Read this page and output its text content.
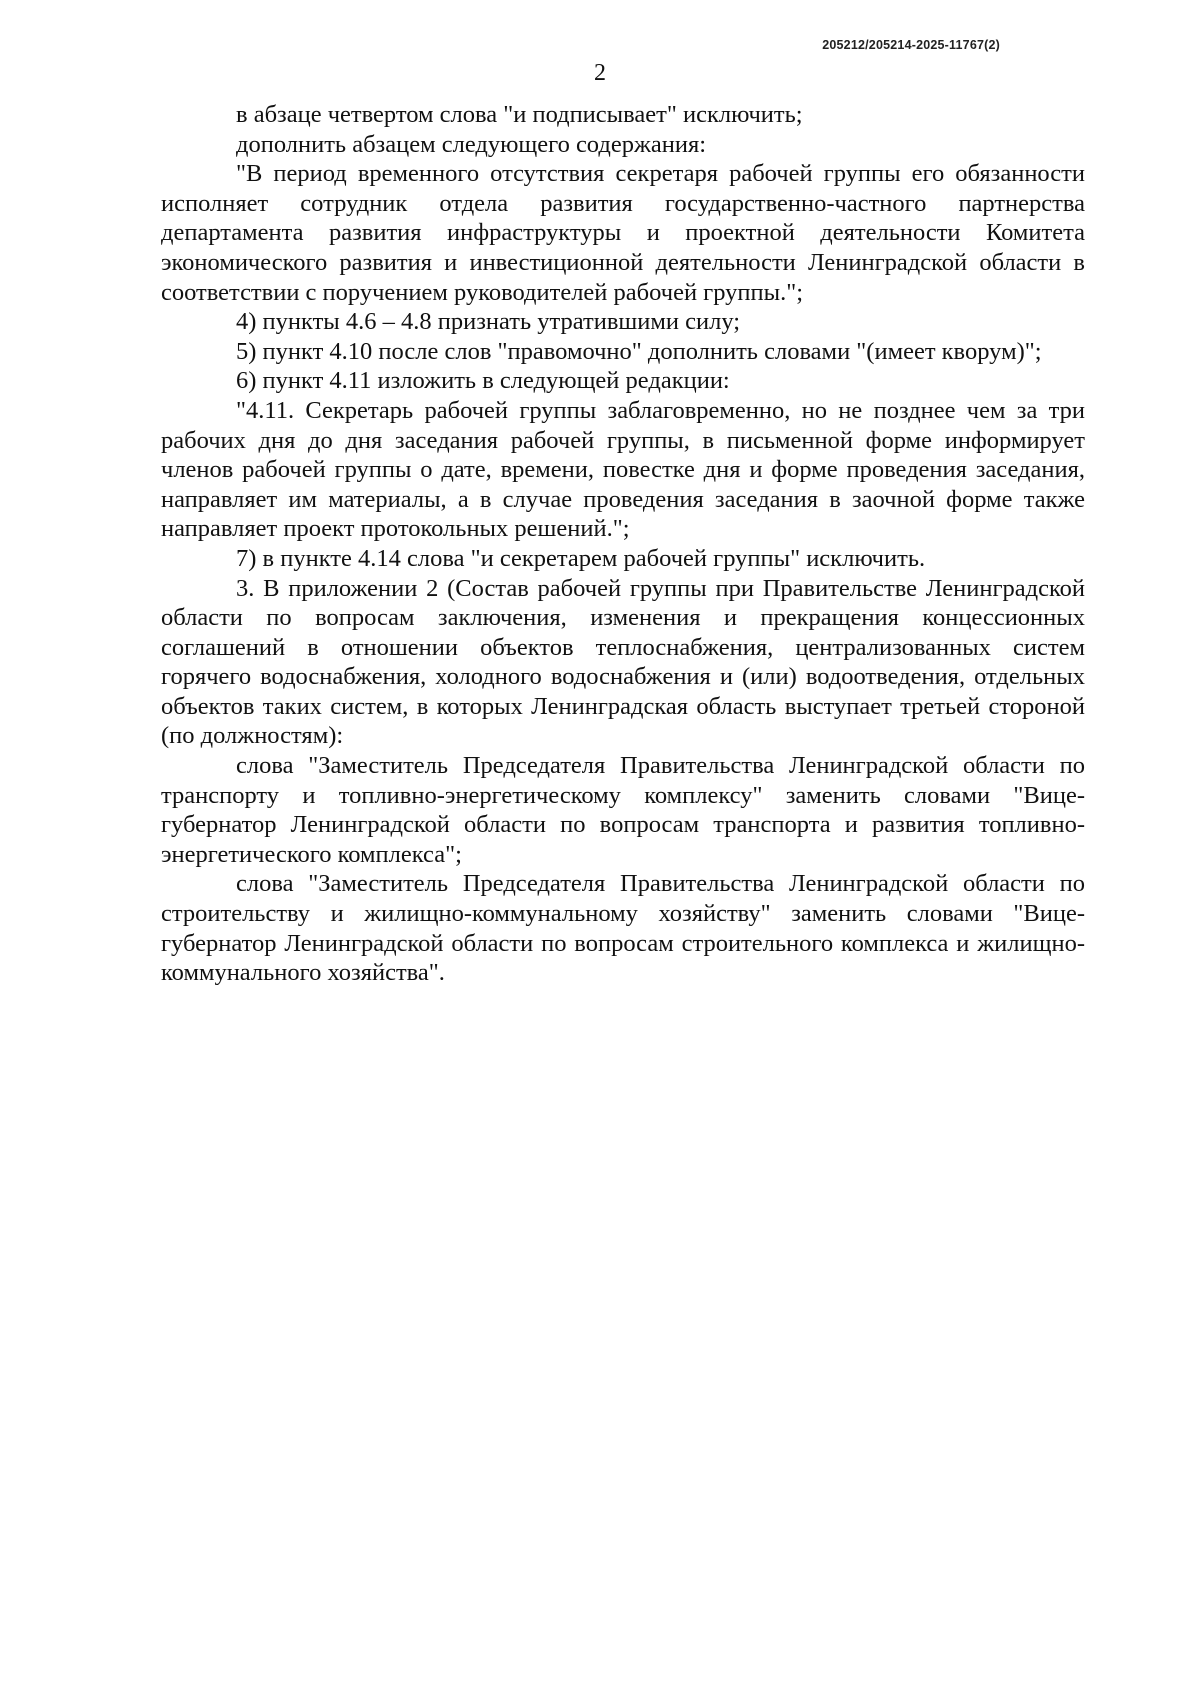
205212/205214-2025-11767(2)
2

в абзаце четвертом слова "и подписывает" исключить;

дополнить абзацем следующего содержания:

"В период временного отсутствия секретаря рабочей группы его обязанности исполняет сотрудник отдела развития государственно-частного партнерства департамента развития инфраструктуры и проектной деятельности Комитета экономического развития и инвестиционной деятельности Ленинградской области в соответствии с поручением руководителей рабочей группы.";

4) пункты 4.6 – 4.8 признать утратившими силу;

5) пункт 4.10 после слов "правомочно" дополнить словами "(имеет кворум)";

6) пункт 4.11 изложить в следующей редакции:

"4.11. Секретарь рабочей группы заблаговременно, но не позднее чем за три рабочих дня до дня заседания рабочей группы, в письменной форме информирует членов рабочей группы о дате, времени, повестке дня и форме проведения заседания, направляет им материалы, а в случае проведения заседания в заочной форме также направляет проект протокольных решений.";

7) в пункте 4.14 слова "и секретарем рабочей группы" исключить.

3. В приложении 2 (Состав рабочей группы при Правительстве Ленинградской области по вопросам заключения, изменения и прекращения концессионных соглашений в отношении объектов теплоснабжения, централизованных систем горячего водоснабжения, холодного водоснабжения и (или) водоотведения, отдельных объектов таких систем, в которых Ленинградская область выступает третьей стороной (по должностям):

слова "Заместитель Председателя Правительства Ленинградской области по транспорту и топливно-энергетическому комплексу" заменить словами "Вице-губернатор Ленинградской области по вопросам транспорта и развития топливно-энергетического комплекса";

слова "Заместитель Председателя Правительства Ленинградской области по строительству и жилищно-коммунальному хозяйству" заменить словами "Вице-губернатор Ленинградской области по вопросам строительного комплекса и жилищно-коммунального хозяйства".
